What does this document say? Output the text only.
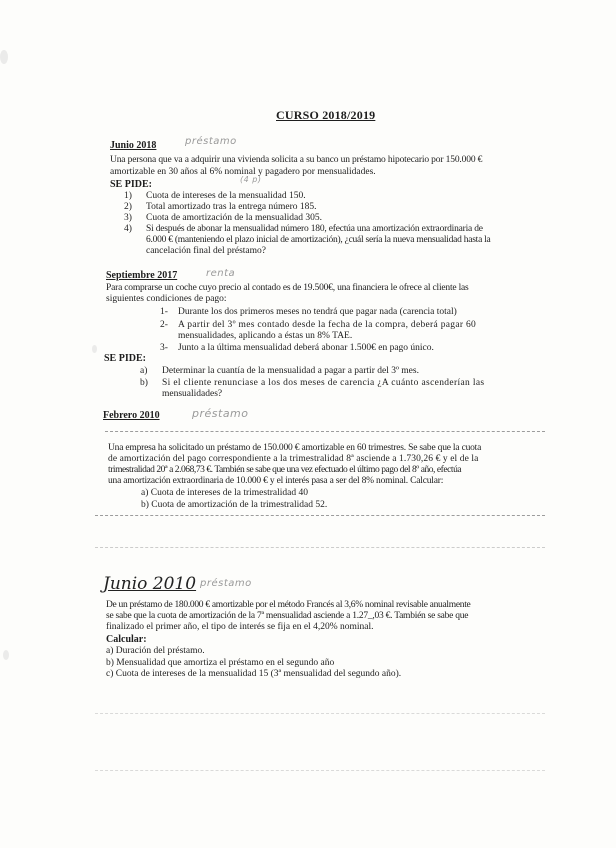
CURSO 2018/2019
Junio 2018	préstamo
Una persona que va a adquirir una vivienda solicita a su banco un préstamo hipotecario por 150.000 €
amortizable en 30 años al 6% nominal y pagadero por mensualidades.
SE PIDE:	(4 p)
1) Cuota de intereses de la mensualidad 150.
2) Total amortizado tras la entrega número 185.
3) Cuota de amortización de la mensualidad 305.
4) Si después de abonar la mensualidad número 180, efectúa una amortización extraordinaria de
6.000 € (manteniendo el plazo inicial de amortización), ¿cuál sería la nueva mensualidad hasta la
cancelación final del préstamo?
Septiembre 2017	renta
Para comprarse un coche cuyo precio al contado es de 19.500€, una financiera le ofrece al cliente las
siguientes condiciones de pago:
1- Durante los dos primeros meses no tendrá que pagar nada (carencia total)
2- A partir del 3º mes contado desde la fecha de la compra, deberá pagar 60
mensualidades, aplicando a éstas un 8% TAE.
3- Junto a la última mensualidad deberá abonar 1.500€ en pago único.
SE PIDE:
a) Determinar la cuantía de la mensualidad a pagar a partir del 3º mes.
b) Si el cliente renunciase a los dos meses de carencia ¿A cuánto ascenderían las
mensualidades?
Febrero 2010	préstamo
Una empresa ha solicitado un préstamo de 150.000 € amortizable en 60 trimestres. Se sabe que la cuota
de amortización del pago correspondiente a la trimestralidad 8ª asciende a 1.730,26 € y el de la
trimestralidad 20ª a 2.068,73 €. También se sabe que una vez efectuado el último pago del 8º año, efectúa
una amortización extraordinaria de 10.000 € y el interés pasa a ser del 8% nominal. Calcular:
a) Cuota de intereses de la trimestralidad 40
b) Cuota de amortización de la trimestralidad 52.
Junio 2010 préstamo
De un préstamo de 180.000 € amortizable por el método Francés al 3,6% nominal revisable anualmente
se sabe que la cuota de amortización de la 7ª mensualidad asciende a 1.27_,03 €. También se sabe que
finalizado el primer año, el tipo de interés se fija en el 4,20% nominal.
Calcular:
a) Duración del préstamo.
b) Mensualidad que amortiza el préstamo en el segundo año
c) Cuota de intereses de la mensualidad 15 (3ª mensualidad del segundo año).
